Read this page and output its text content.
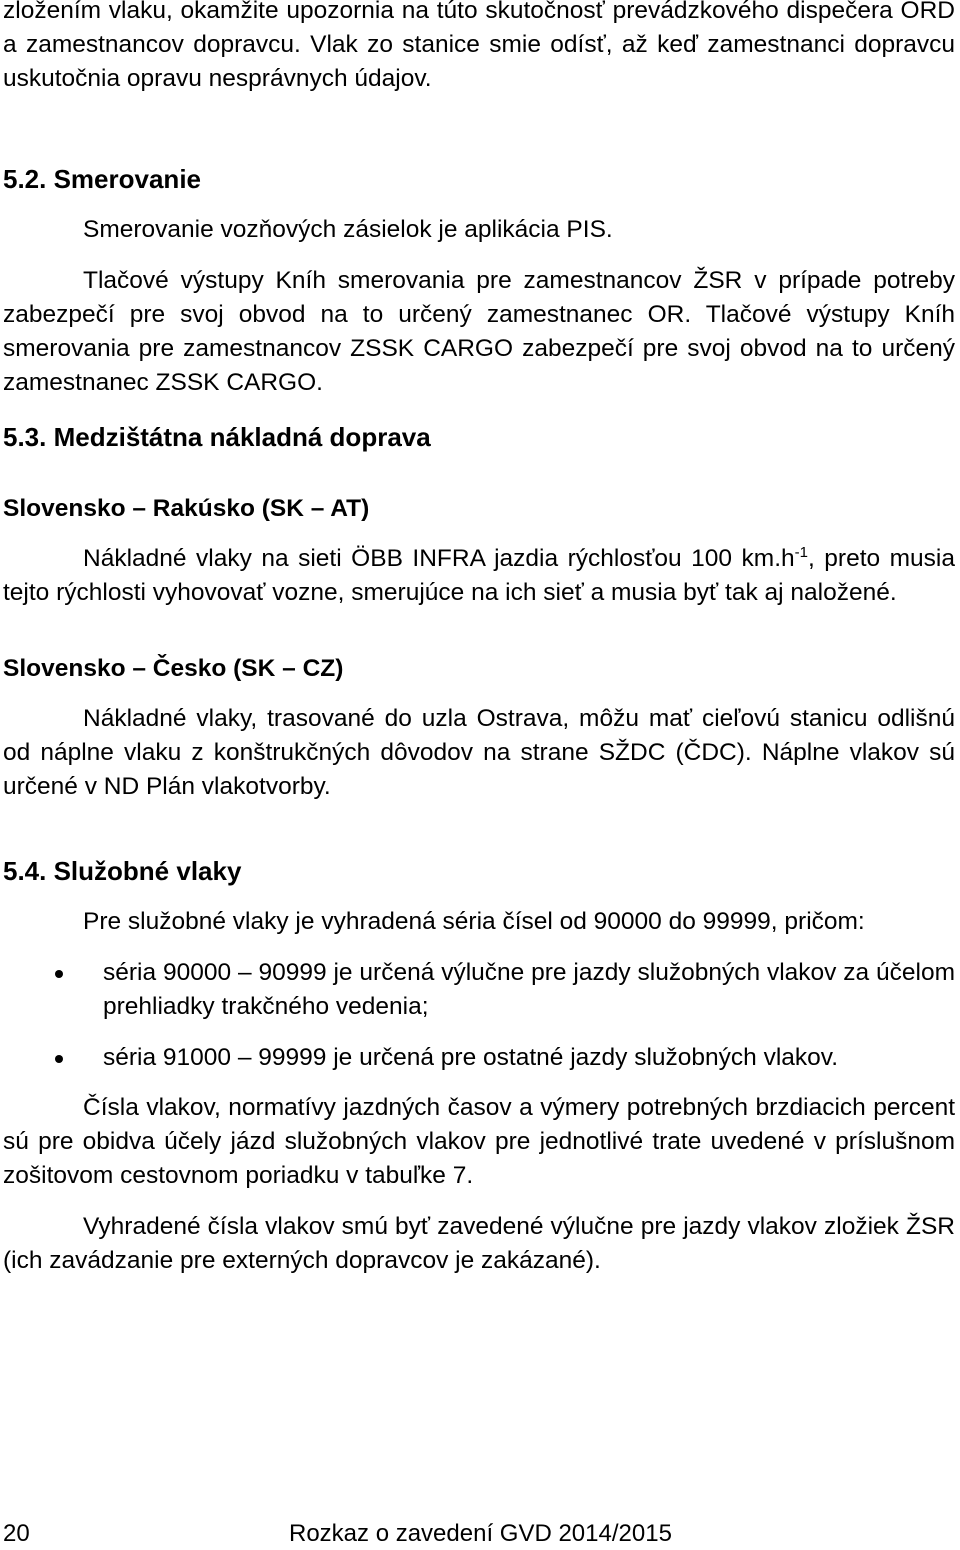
zložením vlaku, okamžite upozornia na túto skutočnosť prevádzkového dispečera ORD a zamestnancov dopravcu. Vlak zo stanice smie odísť, až keď zamestnanci dopravcu uskutočnia opravu nesprávnych údajov.

5.2. Smerovanie

Smerovanie vozňových zásielok je aplikácia PIS.

Tlačové výstupy Kníh smerovania pre zamestnancov ŽSR v prípade potreby zabezpečí pre svoj obvod na to určený zamestnanec OR. Tlačové výstupy Kníh smerovania pre zamestnancov ZSSK CARGO zabezpečí pre svoj obvod na to určený zamestnanec ZSSK CARGO.

5.3. Medzištátna nákladná doprava

Slovensko – Rakúsko (SK – AT)

Nákladné vlaky na sieti ÖBB INFRA jazdia rýchlosťou 100 $km.h^{-1}$, preto musia tejto rýchlosti vyhovovať vozne, smerujúce na ich sieť a musia byť tak aj naložené.

Slovensko – Česko (SK – CZ)

Nákladné vlaky, trasované do uzla Ostrava, môžu mať cieľovú stanicu odlišnú od náplne vlaku z konštrukčných dôvodov na strane SŽDC (ČDC). Náplne vlakov sú určené v ND Plán vlakotvorby.

5.4. Služobné vlaky

Pre služobné vlaky je vyhradená séria čísel od 90000 do 99999, pričom:

séria 90000 – 90999 je určená výlučne pre jazdy služobných vlakov za účelom prehliadky trakčného vedenia;
séria 91000 – 99999 je určená pre ostatné jazdy služobných vlakov.

Čísla vlakov, normatívy jazdných časov a výmery potrebných brzdiacich percent sú pre obidva účely jázd služobných vlakov pre jednotlivé trate uvedené v príslušnom zošitovom cestovnom poriadku v tabuľke 7.

Vyhradené čísla vlakov smú byť zavedené výlučne pre jazdy vlakov zložiek ŽSR (ich zavádzanie pre externých dopravcov je zakázané).

20	Rozkaz o zavedení GVD 2014/2015
